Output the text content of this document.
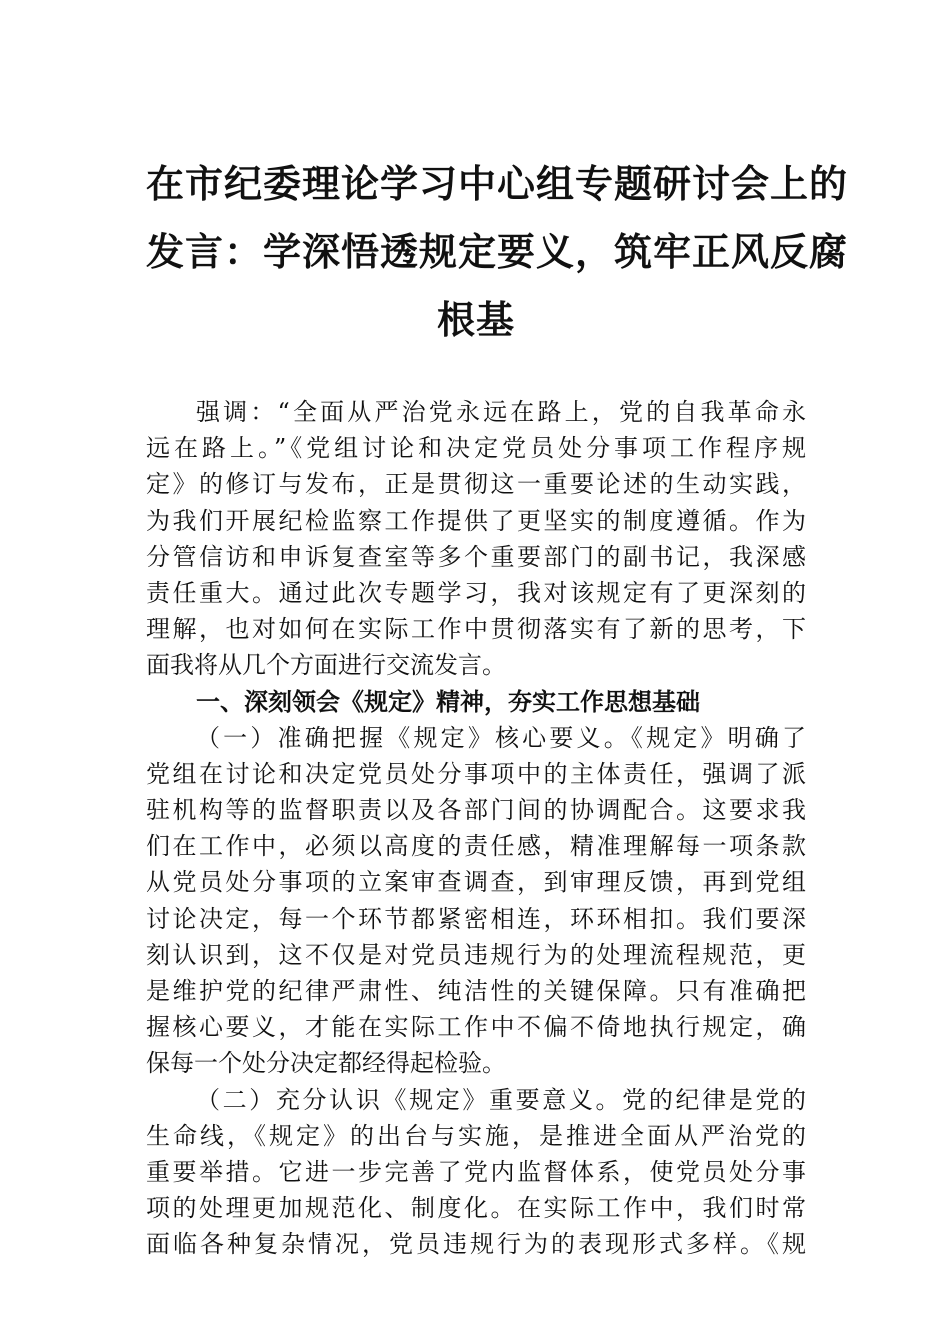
在市纪委理论学习中心组专题研讨会上的
发言：学深悟透规定要义，筑牢正风反腐
根基
强调：“全面从严治党永远在路上，党的自我革命永
远在路上。”《党组讨论和决定党员处分事项工作程序规
定》的修订与发布，正是贯彻这一重要论述的生动实践，
为我们开展纪检监察工作提供了更坚实的制度遵循。作为
分管信访和申诉复查室等多个重要部门的副书记，我深感
责任重大。通过此次专题学习，我对该规定有了更深刻的
理解，也对如何在实际工作中贯彻落实有了新的思考，下
面我将从几个方面进行交流发言。
一、深刻领会《规定》精神，夯实工作思想基础
（一）准确把握《规定》核心要义。《规定》明确了
党组在讨论和决定党员处分事项中的主体责任，强调了派
驻机构等的监督职责以及各部门间的协调配合。这要求我
们在工作中，必须以高度的责任感，精准理解每一项条款
从党员处分事项的立案审查调查，到审理反馈，再到党组
讨论决定，每一个环节都紧密相连，环环相扣。我们要深
刻认识到，这不仅是对党员违规行为的处理流程规范，更
是维护党的纪律严肃性、纯洁性的关键保障。只有准确把
握核心要义，才能在实际工作中不偏不倚地执行规定，确
保每一个处分决定都经得起检验。
（二）充分认识《规定》重要意义。党的纪律是党的
生命线，《规定》的出台与实施，是推进全面从严治党的
重要举措。它进一步完善了党内监督体系，使党员处分事
项的处理更加规范化、制度化。在实际工作中，我们时常
面临各种复杂情况，党员违规行为的表现形式多样。《规
